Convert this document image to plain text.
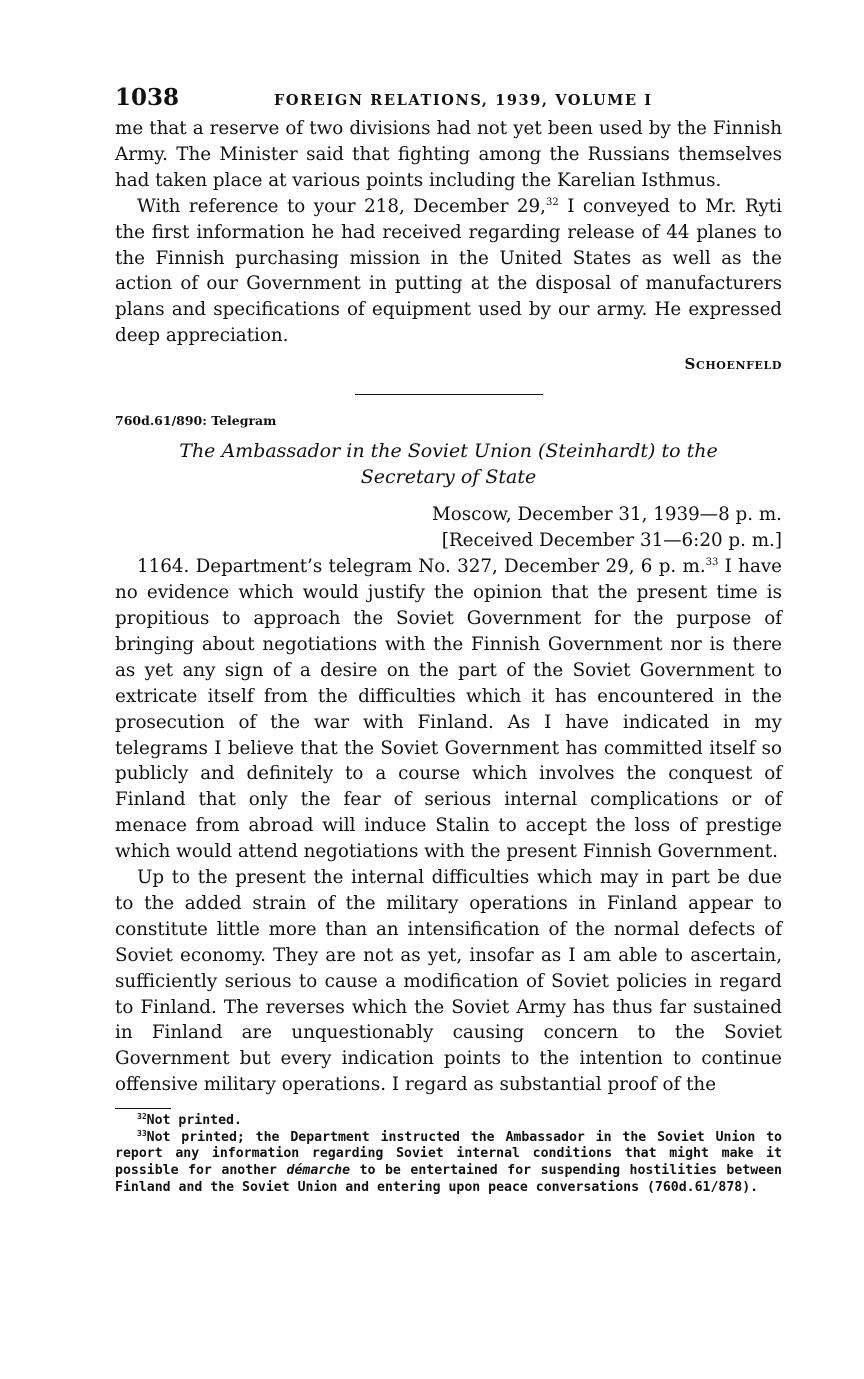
1038	FOREIGN RELATIONS, 1939, VOLUME I

me that a reserve of two divisions had not yet been used by the Finnish Army. The Minister said that fighting among the Russians themselves had taken place at various points including the Karelian Isthmus.

With reference to your 218, December 29,32 I conveyed to Mr. Ryti the first information he had received regarding release of 44 planes to the Finnish purchasing mission in the United States as well as the action of our Government in putting at the disposal of manufacturers plans and specifications of equipment used by our army. He expressed deep appreciation.

Schoenfeld
760d.61/890: Telegram
The Ambassador in the Soviet Union (Steinhardt) to the Secretary of State
Moscow, December 31, 1939—8 p. m.
[Received December 31—6:20 p. m.]

1164. Department’s telegram No. 327, December 29, 6 p. m.$^{33}$ I have no evidence which would justify the opinion that the present time is propitious to approach the Soviet Government for the purpose of bringing about negotiations with the Finnish Government nor is there as yet any sign of a desire on the part of the Soviet Government to extricate itself from the difficulties which it has encountered in the prosecution of the war with Finland. As I have indicated in my telegrams I believe that the Soviet Government has committed itself so publicly and definitely to a course which involves the conquest of Finland that only the fear of serious internal complications or of menace from abroad will induce Stalin to accept the loss of prestige which would attend negotiations with the present Finnish Government.

Up to the present the internal difficulties which may in part be due to the added strain of the military operations in Finland appear to constitute little more than an intensification of the normal defects of Soviet economy. They are not as yet, insofar as I am able to ascertain, sufficiently serious to cause a modification of Soviet policies in regard to Finland. The reverses which the Soviet Army has thus far sustained in Finland are unquestionably causing concern to the Soviet Government but every indication points to the intention to continue offensive military operations. I regard as substantial proof of the

$^{32}$Not printed.

$^{33}$Not printed; the Department instructed the Ambassador in the Soviet Union to report any information regarding Soviet internal conditions that might make it possible for another démarche to be entertained for suspending hostilities between Finland and the Soviet Union and entering upon peace conversations (760d.61/878).
